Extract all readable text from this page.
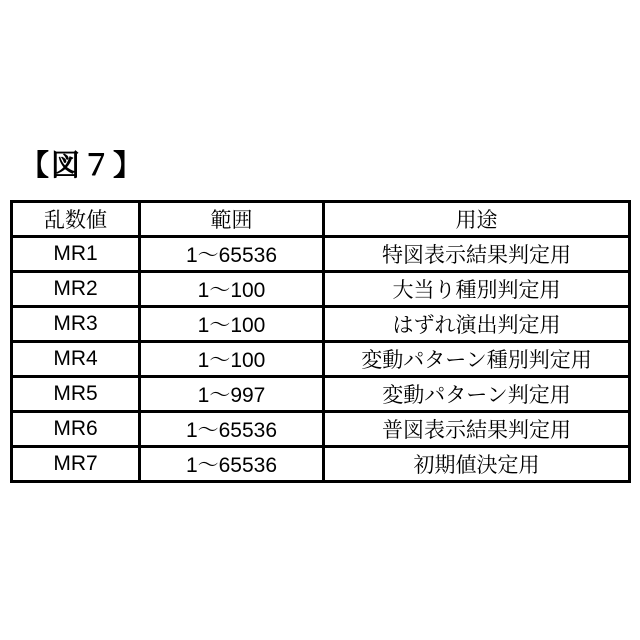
【図７】
乱数値	範囲	用途
MR1	1～65536	特図表示結果判定用
MR2	1～100	大当り種別判定用
MR3	1～100	はずれ演出判定用
MR4	1～100	変動パターン種別判定用
MR5	1～997	変動パターン判定用
MR6	1～65536	普図表示結果判定用
MR7	1～65536	初期値決定用
